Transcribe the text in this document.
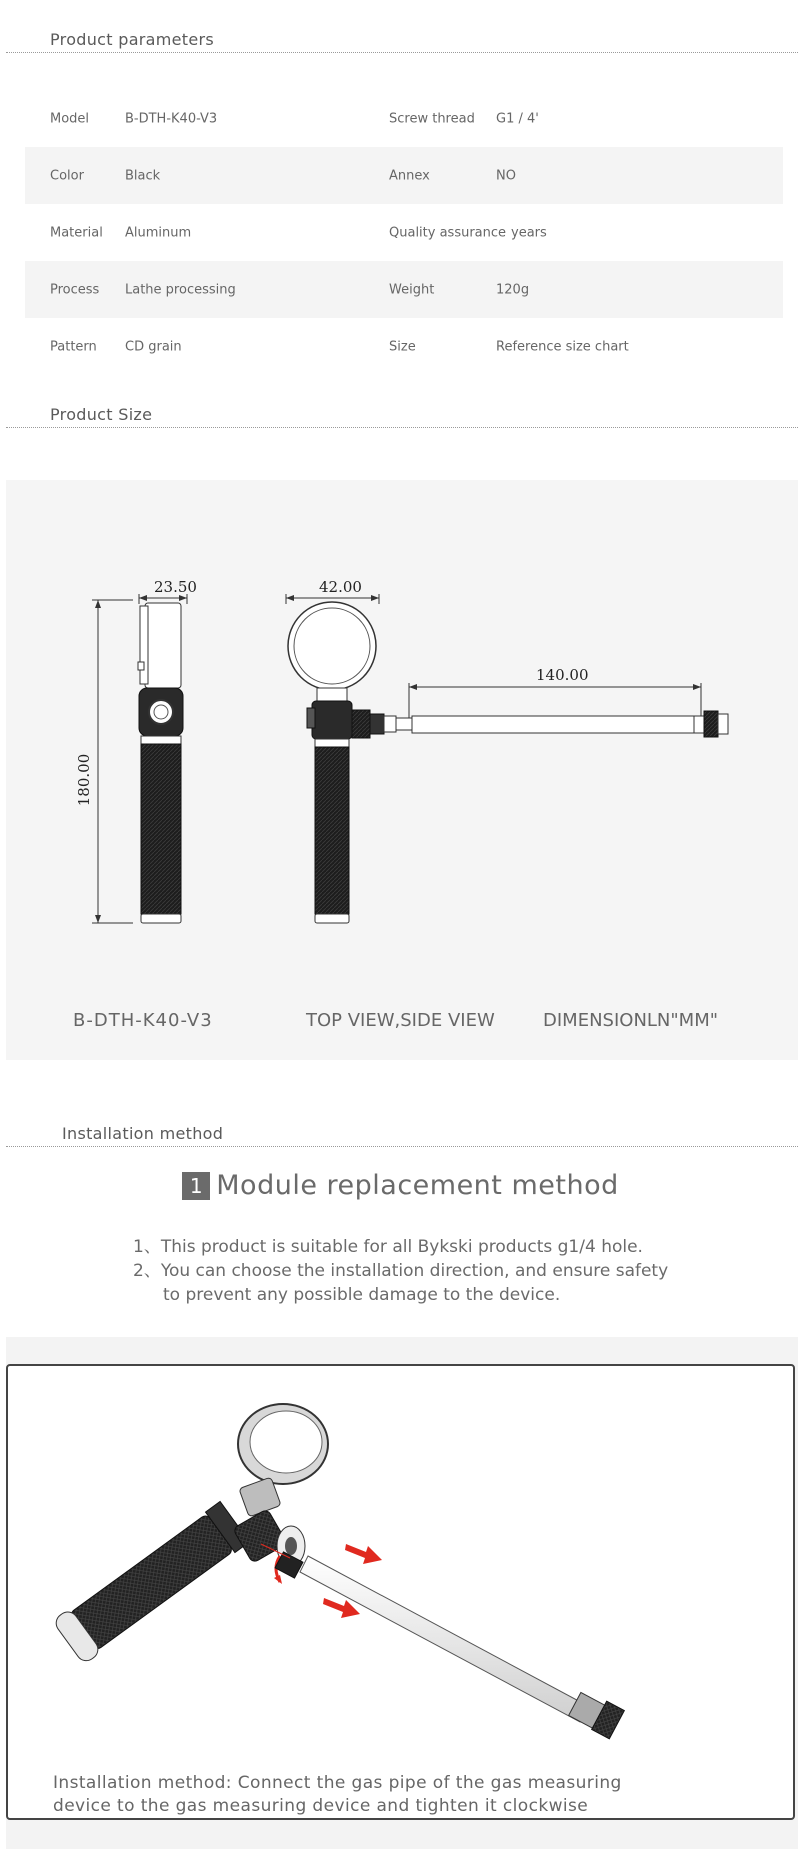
Product parameters
Model	B-DTH-K40-V3	Screw thread G1 / 4'
Color	Black	Annex	NO
Material Aluminum	Quality assurance years
Process Lathe processing	Weight	120g
Pattern CD grain	Size	Reference size chart
Product Size
23.50	42.00
140.00
180.00
B-DTH-K40-V3	TOP VIEW,SIDE VIEW	DIMENSIONLN"MM"
Installation method
1 Module replacement method
1、This product is suitable for all Bykski products g1/4 hole.
2、You can choose the installation direction, and ensure safety
to prevent any possible damage to the device.
Installation method: Connect the gas pipe of the gas measuring
device to the gas measuring device and tighten it clockwise
